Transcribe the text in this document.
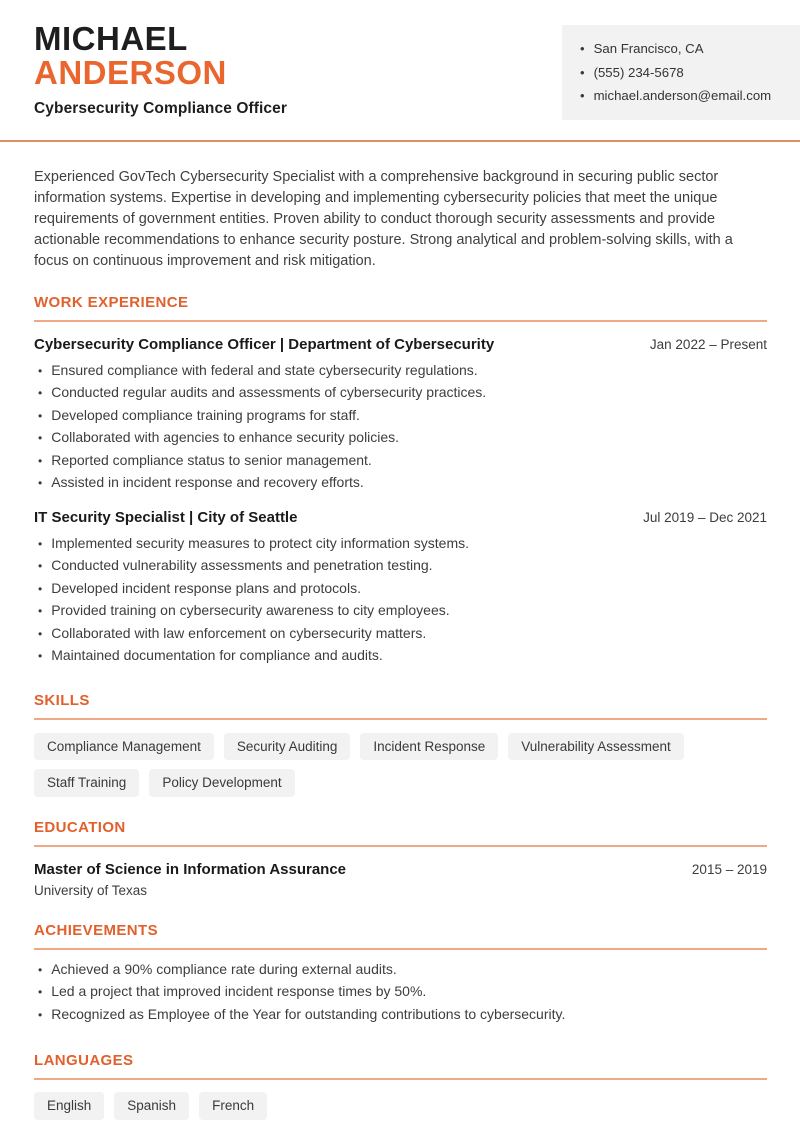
MICHAEL
ANDERSON
Cybersecurity Compliance Officer
• San Francisco, CA
• (555) 234-5678
• michael.anderson@email.com

Experienced GovTech Cybersecurity Specialist with a comprehensive background in securing public sector information systems. Expertise in developing and implementing cybersecurity policies that meet the unique requirements of government entities. Proven ability to conduct thorough security assessments and provide actionable recommendations to enhance security posture. Strong analytical and problem-solving skills, with a focus on continuous improvement and risk mitigation.

WORK EXPERIENCE
Cybersecurity Compliance Officer | Department of Cybersecurity	Jan 2022 – Present
• Ensured compliance with federal and state cybersecurity regulations.
• Conducted regular audits and assessments of cybersecurity practices.
• Developed compliance training programs for staff.
• Collaborated with agencies to enhance security policies.
• Reported compliance status to senior management.
• Assisted in incident response and recovery efforts.
IT Security Specialist | City of Seattle	Jul 2019 – Dec 2021
• Implemented security measures to protect city information systems.
• Conducted vulnerability assessments and penetration testing.
• Developed incident response plans and protocols.
• Provided training on cybersecurity awareness to city employees.
• Collaborated with law enforcement on cybersecurity matters.
• Maintained documentation for compliance and audits.
SKILLS
Compliance Management	Security Auditing	Incident Response	Vulnerability Assessment
Staff Training	Policy Development
EDUCATION
Master of Science in Information Assurance	2015 – 2019
University of Texas
ACHIEVEMENTS
• Achieved a 90% compliance rate during external audits.
• Led a project that improved incident response times by 50%.
• Recognized as Employee of the Year for outstanding contributions to cybersecurity.
LANGUAGES
English	Spanish	French
